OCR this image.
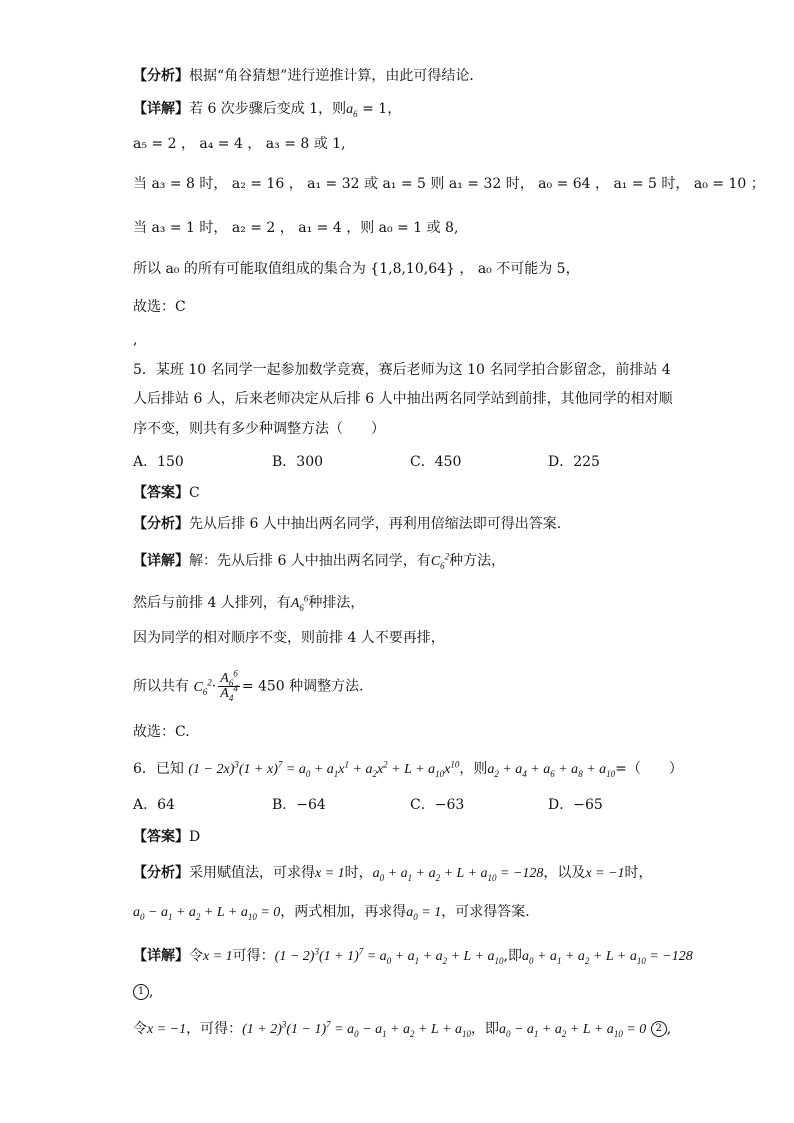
【分析】根据“角谷猜想”进行逆推计算，由此可得结论．
【详解】若 6 次步骤后变成 1，则$a_6 = 1$，
a₅ = 2 ， a₄ = 4 ， a₃ = 8 或 1,
当 a₃ = 8 时， a₂ = 16 ， a₁ = 32 或 a₁ = 5 则 a₁ = 32 时， a₀ = 64 ， a₁ = 5 时， a₀ = 10 ；
当 a₃ = 1 时， a₂ = 2 ， a₁ = 4 ，则 a₀ = 1 或 8,
所以 a₀ 的所有可能取值组成的集合为 {1,8,10,64} ， a₀ 不可能为 5，
故选：C
,
5．某班 10 名同学一起参加数学竞赛，赛后老师为这 10 名同学拍合影留念，前排站 4
人后排站 6 人，后来老师决定从后排 6 人中抽出两名同学站到前排，其他同学的相对顺
序不变，则共有多少种调整方法（　　）
A．150	B．300	C．450	D．225
【答案】C
【分析】先从后排 6 人中抽出两名同学，再利用倍缩法即可得出答案.
【详解】解：先从后排 6 人中抽出两名同学，有$C_6^2$种方法，
然后与前排 4 人排列，有$A_6^6$种排法，
因为同学的相对顺序不变，则前排 4 人不要再排，
所以共有 $C_6^2\cdot \frac{A_6^6}{A_4^4} = 450$ 种调整方法.
故选：C.
6．已知 $(1 - 2x)^3(1 + x)^7 = a_0 + a_1x^1 + a_2x^2 + L + a_{10}x^{10}$，则$a_2 + a_4 + a_6 + a_8 + a_{10}=$（　　）
A．64	B．−64	C．−63	D．−65
【答案】D
【分析】采用赋值法，可求得x = 1时，$a_0 + a_1 + a_2 + L + a_{10} = -128$，以及x = −1时，
$a_0 - a_1 + a_2 + L + a_{10} = 0$，两式相加，再求得$a_0 = 1$，可求得答案.
【详解】令x = 1可得：$(1 - 2)^3(1 + 1)^7 = a_0 + a_1 + a_2 + L + a_{10}$,即$a_0 + a_1 + a_2 + L + a_{10} = -128$
1 ,
令x = −1，可得：$(1 + 2)^3(1 - 1)^7 = a_0 - a_1 + a_2 + L + a_{10}$，即$a_0 - a_1 + a_2 + L + a_{10} = 0$ 2 ,
